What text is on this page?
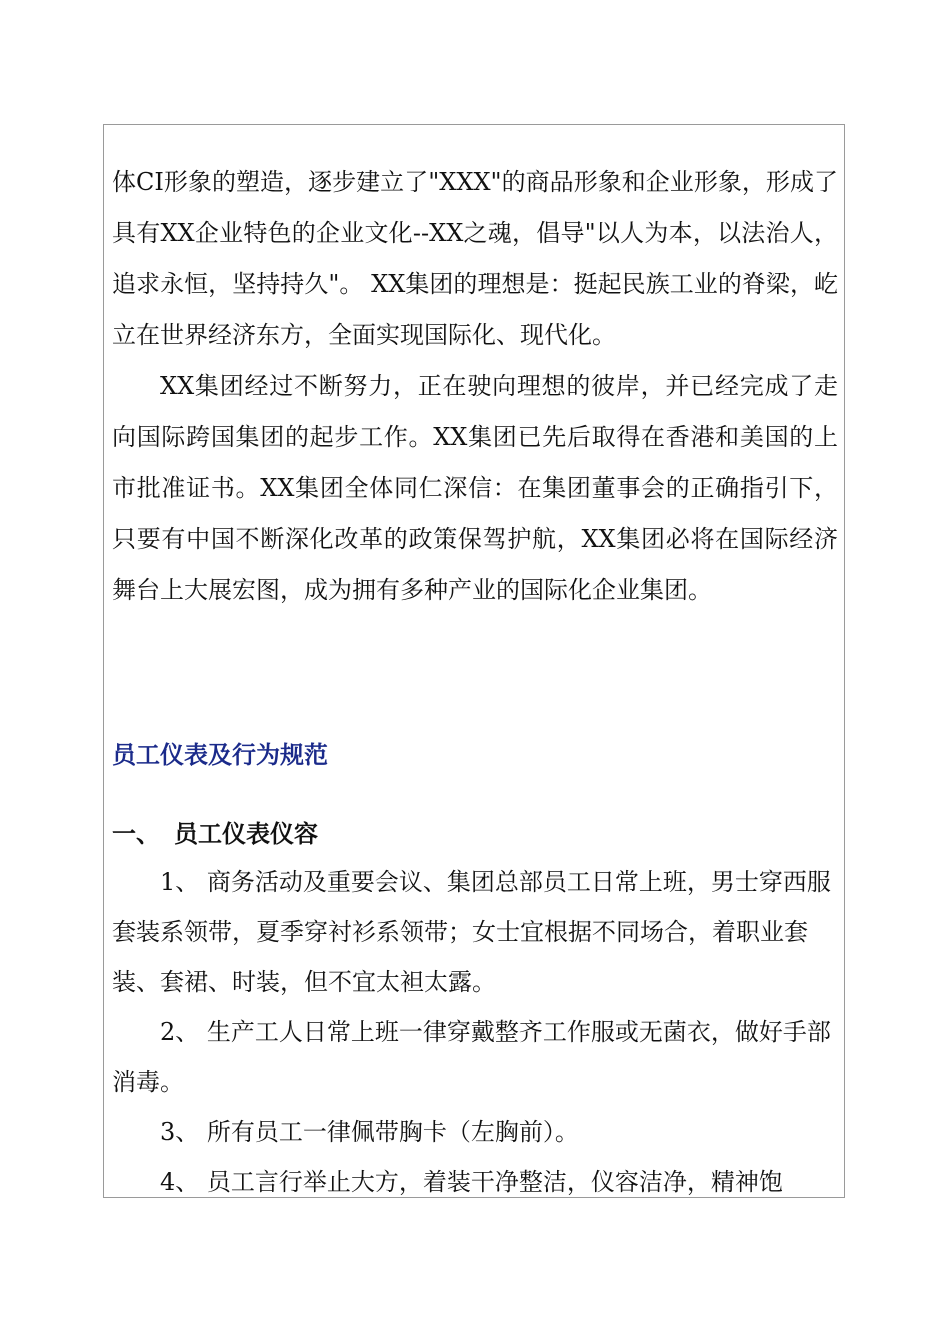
体CI形象的塑造，逐步建立了"XXX"的商品形象和企业形象，形成了具有XX企业特色的企业文化--XX之魂，倡导"以人为本，以法治人，追求永恒，坚持持久"。 XX集团的理想是：挺起民族工业的脊梁，屹立在世界经济东方，全面实现国际化、现代化。

XX集团经过不断努力，正在驶向理想的彼岸，并已经完成了走向国际跨国集团的起步工作。XX集团已先后取得在香港和美国的上市批准证书。XX集团全体同仁深信：在集团董事会的正确指引下，只要有中国不断深化改革的政策保驾护航，XX集团必将在国际经济舞台上大展宏图，成为拥有多种产业的国际化企业集团。

员工仪表及行为规范
一、 员工仪表仪容

1、 商务活动及重要会议、集团总部员工日常上班，男士穿西服套装系领带，夏季穿衬衫系领带；女士宜根据不同场合，着职业套装、套裙、时装，但不宜太袒太露。

2、 生产工人日常上班一律穿戴整齐工作服或无菌衣，做好手部消毒。

3、 所有员工一律佩带胸卡（左胸前）。

4、 员工言行举止大方，着装干净整洁，仪容洁净，精神饱
